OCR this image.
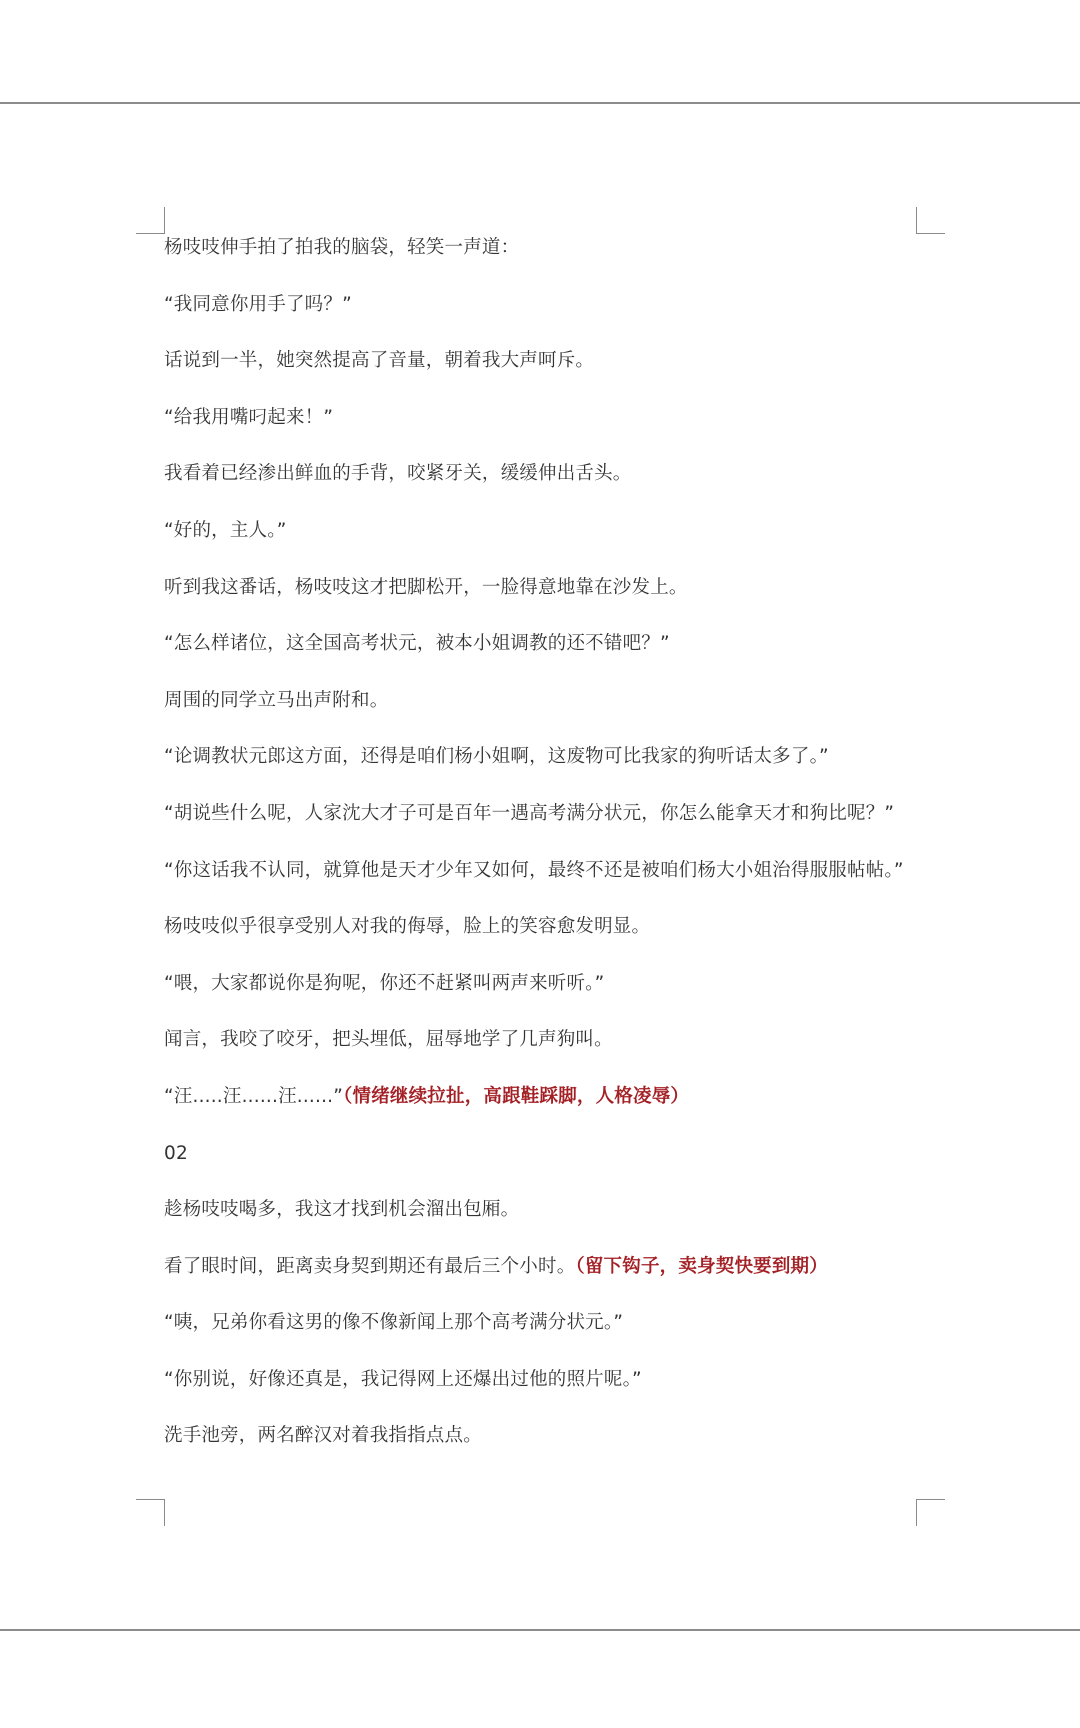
杨吱吱伸手拍了拍我的脑袋，轻笑一声道：
“我同意你用手了吗？”
话说到一半，她突然提高了音量，朝着我大声呵斥。
“给我用嘴叼起来！”
我看着已经渗出鲜血的手背，咬紧牙关，缓缓伸出舌头。
“好的，主人。”
听到我这番话，杨吱吱这才把脚松开，一脸得意地靠在沙发上。
“怎么样诸位，这全国高考状元，被本小姐调教的还不错吧？”
周围的同学立马出声附和。
“论调教状元郎这方面，还得是咱们杨小姐啊，这废物可比我家的狗听话太多了。”
“胡说些什么呢，人家沈大才子可是百年一遇高考满分状元，你怎么能拿天才和狗比呢？”
“你这话我不认同，就算他是天才少年又如何，最终不还是被咱们杨大小姐治得服服帖帖。”
杨吱吱似乎很享受别人对我的侮辱，脸上的笑容愈发明显。
“喂，大家都说你是狗呢，你还不赶紧叫两声来听听。”
闻言，我咬了咬牙，把头埋低，屈辱地学了几声狗叫。
“汪.....汪......汪......”（情绪继续拉扯，高跟鞋踩脚，人格凌辱）
02
趁杨吱吱喝多，我这才找到机会溜出包厢。
看了眼时间，距离卖身契到期还有最后三个小时。（留下钩子，卖身契快要到期）
“咦，兄弟你看这男的像不像新闻上那个高考满分状元。”
“你别说，好像还真是，我记得网上还爆出过他的照片呢。”
洗手池旁，两名醉汉对着我指指点点。
